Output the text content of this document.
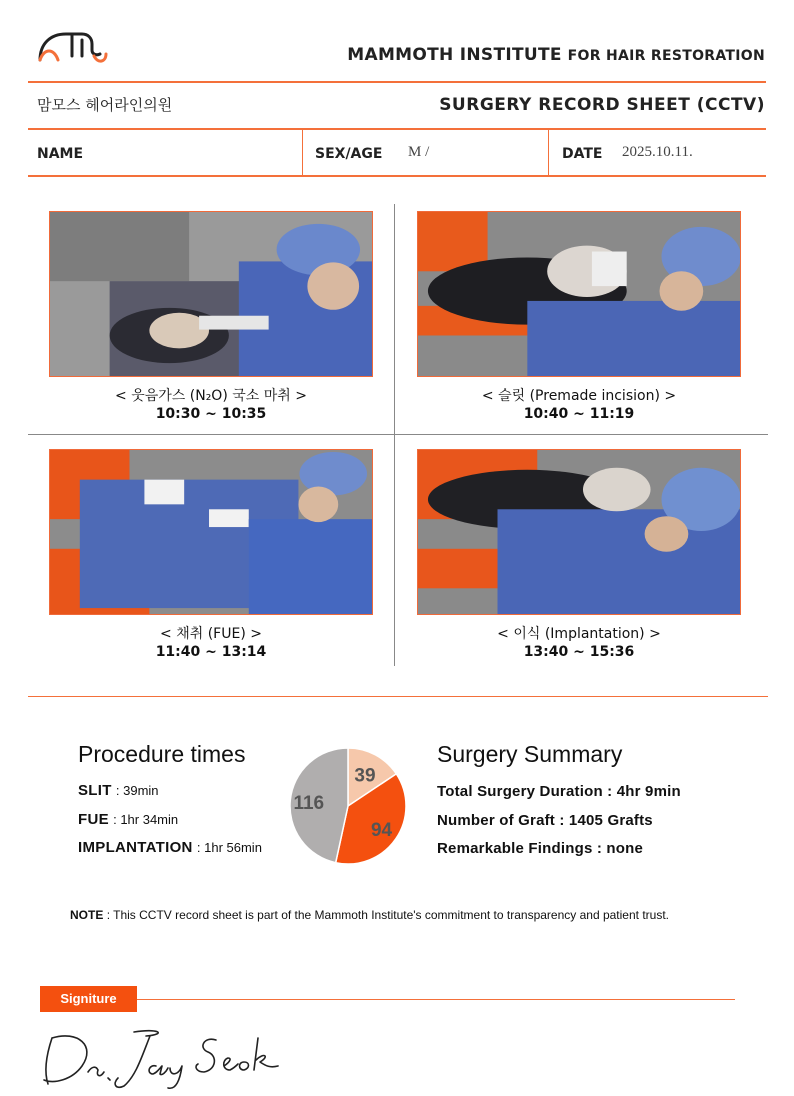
MAMMOTH INSTITUTE FOR HAIR RESTORATION
맘모스 헤어라인의원	SURGERY RECORD SHEET (CCTV)
NAME	SEX/AGE M /	DATE 2025.10.11.
< 웃음가스 (N₂O) 국소 마취 >
10:30 ~ 10:35
< 슬릿 (Premade incision) >
10:40 ~ 11:19
< 채취 (FUE) >
11:40 ~ 13:14
< 이식 (Implantation) >
13:40 ~ 15:36
Procedure times
SLIT : 39min
FUE : 1hr 34min
IMPLANTATION : 1hr 56min
39
94
116
Surgery Summary
Total Surgery Duration : 4hr 9min
Number of Graft : 1405 Grafts
Remarkable Findings : none
NOTE : This CCTV record sheet is part of the Mammoth Institute's commitment to transparency and patient trust.
Signiture
